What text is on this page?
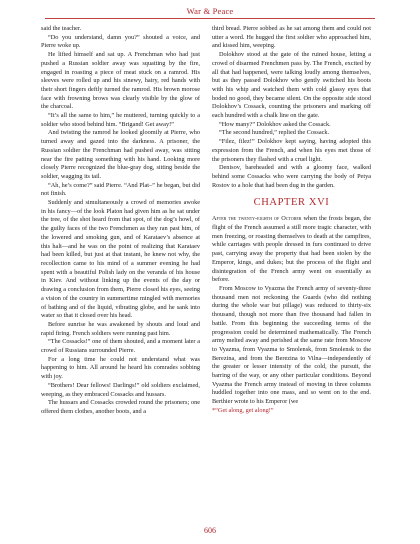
War & Peace

said the teacher.

“Do you understand, damn you?” shouted a voice, and Pierre woke up.

He lifted himself and sat up. A Frenchman who had just pushed a Russian soldier away was squatting by the fire, engaged in roasting a piece of meat stuck on a ramrod. His sleeves were rolled up and his sinewy, hairy, red hands with their short fingers deftly turned the ramrod. His brown morose face with frowning brows was clearly visible by the glow of the charcoal.

“It’s all the same to him,” he muttered, turning quickly to a soldier who stood behind him. “Brigand! Get away!”

And twisting the ramrod he looked gloomily at Pierre, who turned away and gazed into the darkness. A prisoner, the Russian soldier the Frenchman had pushed away, was sitting near the fire patting something with his hand. Looking more closely Pierre recognized the blue-gray dog, sitting beside the soldier, wagging its tail.

“Ah, he’s come?” said Pierre. “And Plat–” he began, but did not finish.

Suddenly and simultaneously a crowd of memories awoke in his fancy—of the look Platon had given him as he sat under the tree, of the shot heard from that spot, of the dog’s howl, of the guilty faces of the two Frenchmen as they ran past him, of the lowered and smoking gun, and of Karataev’s absence at this halt—and he was on the point of realizing that Karataev had been killed, but just at that instant, he knew not why, the recollection came to his mind of a summer evening he had spent with a beautiful Polish lady on the veranda of his house in Kiev. And without linking up the events of the day or drawing a conclusion from them, Pierre closed his eyes, seeing a vision of the country in summertime mingled with memories of bathing and of the liquid, vibrating globe, and he sank into water so that it closed over his head.

Before sunrise he was awakened by shouts and loud and rapid firing. French soldiers were running past him.

“The Cossacks!” one of them shouted, and a moment later a crowd of Russians surrounded Pierre.

For a long time he could not understand what was happening to him. All around he heard his comrades sobbing with joy.

“Brothers! Dear fellows! Darlings!” old soldiers exclaimed, weeping, as they embraced Cossacks and hussars.

The hussars and Cossacks crowded round the prisoners; one offered them clothes, another boots, and a

third bread. Pierre sobbed as he sat among them and could not utter a word. He hugged the first soldier who approached him, and kissed him, weeping.

Dolokhov stood at the gate of the ruined house, letting a crowd of disarmed Frenchmen pass by. The French, excited by all that had happened, were talking loudly among themselves, but as they passed Dolokhov who gently switched his boots with his whip and watched them with cold glassy eyes that boded no good, they became silent. On the opposite side stood Dolokhov’s Cossack, counting the prisoners and marking off each hundred with a chalk line on the gate.

“How many?” Dolokhov asked the Cossack.

“The second hundred,” replied the Cossack.

“Filez, filez!” Dolokhov kept saying, having adopted this expression from the French, and when his eyes met those of the prisoners they flashed with a cruel light.

Denisov, bareheaded and with a gloomy face, walked behind some Cossacks who were carrying the body of Petya Rostov to a hole that had been dug in the garden.

CHAPTER XVI

After the twenty-eighth of October when the frosts began, the flight of the French assumed a still more tragic character, with men freezing, or roasting themselves to death at the campfires, while carriages with people dressed in furs continued to drive past, carrying away the property that had been stolen by the Emperor, kings, and dukes; but the process of the flight and disintegration of the French army went on essentially as before.

From Moscow to Vyazma the French army of seventy-three thousand men not reckoning the Guards (who did nothing during the whole war but pillage) was reduced to thirty-six thousand, though not more than five thousand had fallen in battle. From this beginning the succeeding terms of the progression could be determined mathematically. The French army melted away and perished at the same rate from Moscow to Vyazma, from Vyazma to Smolensk, from Smolensk to the Berezina, and from the Berezina to Vilna—independently of the greater or lesser intensity of the cold, the pursuit, the barring of the way, or any other particular conditions. Beyond Vyazma the French army instead of moving in three columns huddled together into one mass, and so went on to the end. Berthier wrote to his Emperor (we

*“Get along, get along!”

606
